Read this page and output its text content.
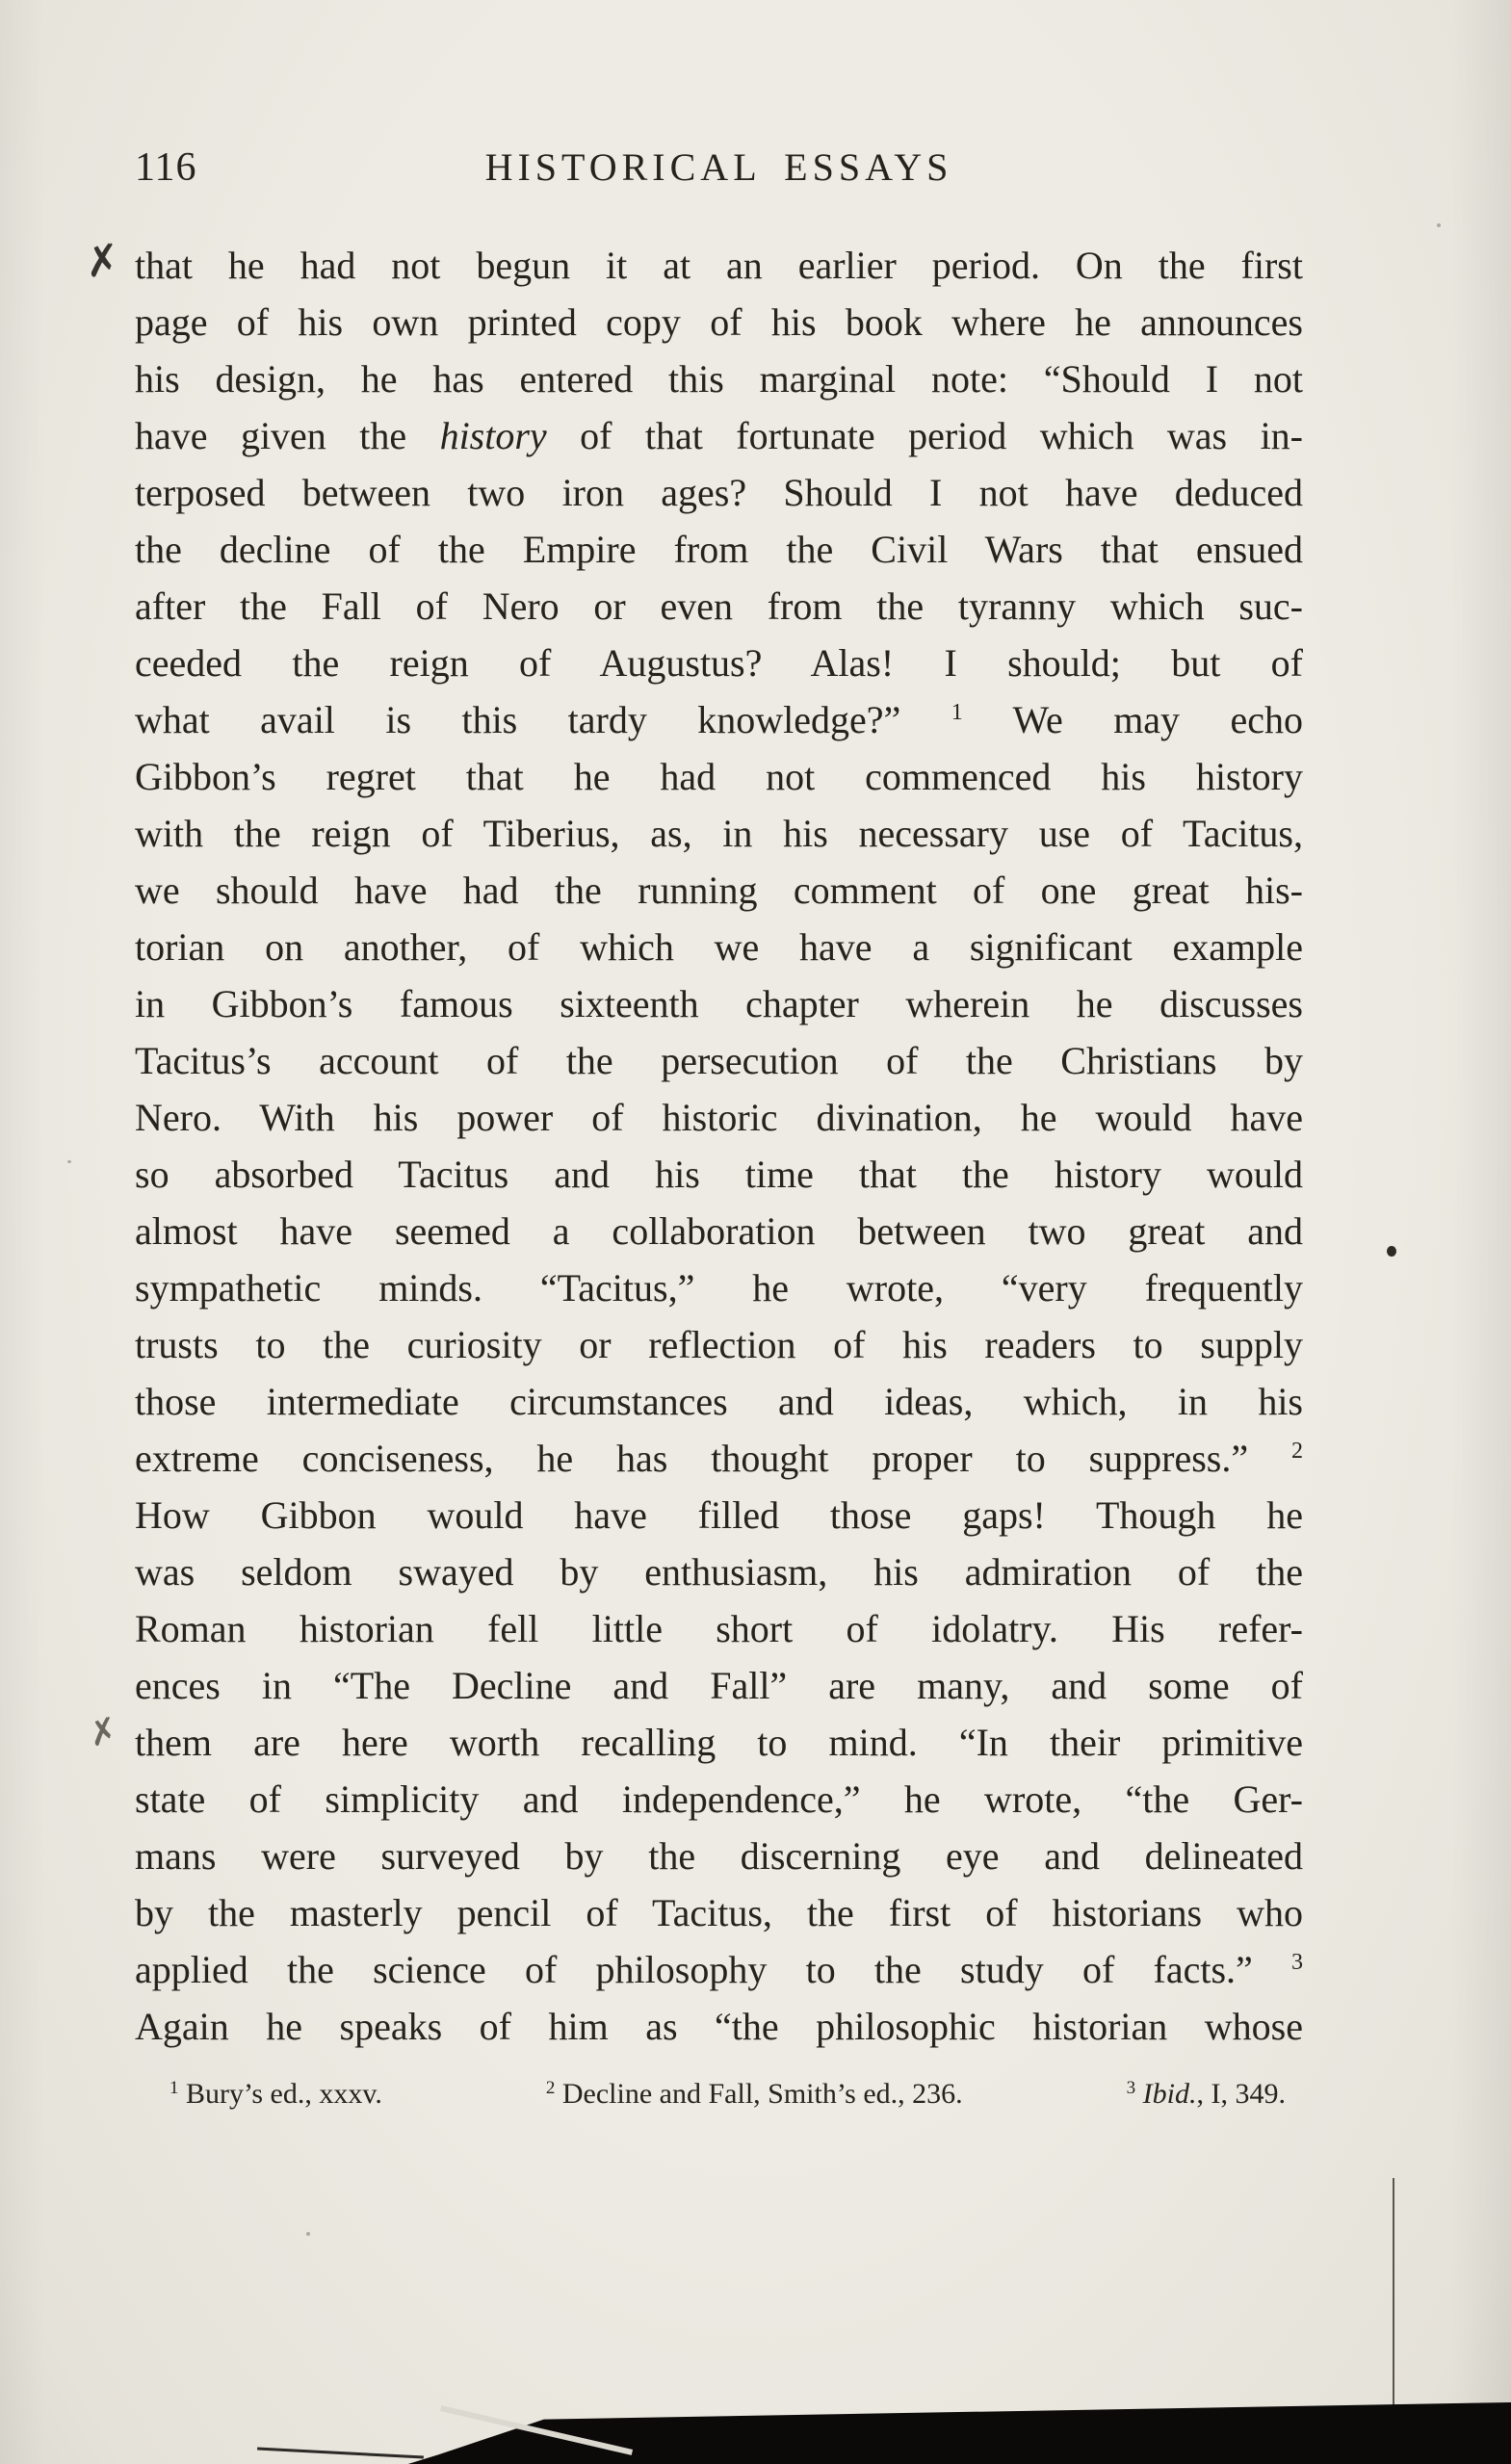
116	HISTORICAL ESSAYS
✗
✗
that he had not begun it at an earlier period. On the first
page of his own printed copy of his book where he announces
his design, he has entered this marginal note: “Should I not
have given the history of that fortunate period which was in-
terposed between two iron ages? Should I not have deduced
the decline of the Empire from the Civil Wars that ensued
after the Fall of Nero or even from the tyranny which suc-
ceeded the reign of Augustus? Alas! I should; but of
what avail is this tardy knowledge?” $^1$ We may echo
Gibbon’s regret that he had not commenced his history
with the reign of Tiberius, as, in his necessary use of Tacitus,
we should have had the running comment of one great his-
torian on another, of which we have a significant example
in Gibbon’s famous sixteenth chapter wherein he discusses
Tacitus’s account of the persecution of the Christians by
Nero. With his power of historic divination, he would have
so absorbed Tacitus and his time that the history would
almost have seemed a collaboration between two great and
sympathetic minds. “Tacitus,” he wrote, “very frequently
trusts to the curiosity or reflection of his readers to supply
those intermediate circumstances and ideas, which, in his
extreme conciseness, he has thought proper to suppress.” $^2$
How Gibbon would have filled those gaps! Though he
was seldom swayed by enthusiasm, his admiration of the
Roman historian fell little short of idolatry. His refer-
ences in “The Decline and Fall” are many, and some of
them are here worth recalling to mind. “In their primitive
state of simplicity and independence,” he wrote, “the Ger-
mans were surveyed by the discerning eye and delineated
by the masterly pencil of Tacitus, the first of historians who
applied the science of philosophy to the study of facts.” $^3$
Again he speaks of him as “the philosophic historian whose
$^1$ Bury’s ed., xxxv.	$^2$ Decline and Fall, Smith’s ed., 236.	$^3$ Ibid., I, 349.
